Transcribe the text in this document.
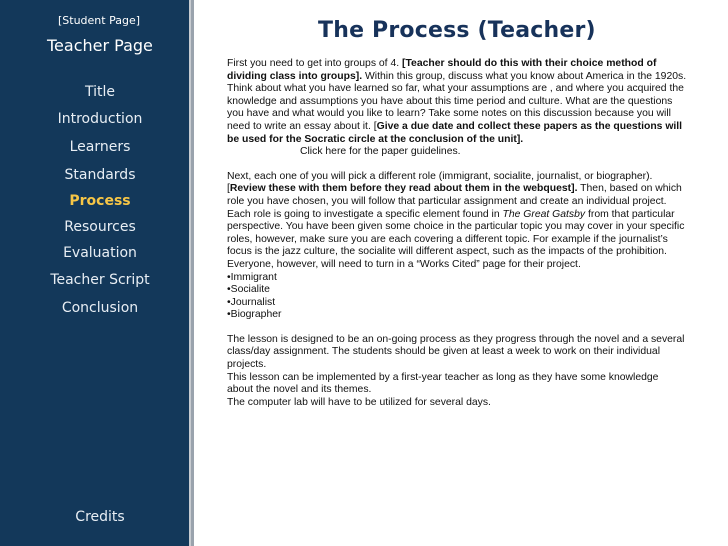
[Student Page]
Teacher Page
Title
Introduction
Learners
Standards
Process
Resources
Evaluation
Teacher Script
Conclusion
Credits
The Process (Teacher)

First you need to get into groups of 4. [Teacher should do this with their choice method of dividing class into groups]. Within this group, discuss what you know about America in the 1920s. Think about what you have learned so far, what your assumptions are , and where you acquired the knowledge and assumptions you have about this time period and culture. What are the questions you have and what would you like to learn? Take some notes on this discussion because you will need to write an essay about it. [Give a due date and collect these papers as the questions will be used for the Socratic circle at the conclusion of the unit].

Click here for the paper guidelines.

Next, each one of you will pick a different role (immigrant, socialite, journalist, or biographer). [Review these with them before they read about them in the webquest]. Then, based on which role you have chosen, you will follow that particular assignment and create an individual project. Each role is going to investigate a specific element found in The Great Gatsby from that particular perspective. You have been given some choice in the particular topic you may cover in your specific roles, however, make sure you are each covering a different topic. For example if the journalist’s focus is the jazz culture, the socialite will different aspect, such as the impacts of the prohibition. Everyone, however, will need to turn in a “Works Cited” page for their project.

•Immigrant

•Socialite

•Journalist

•Biographer

The lesson is designed to be an on-going process as they progress through the novel and a several class/day assignment. The students should be given at least a week to work on their individual projects.

This lesson can be implemented by a first-year teacher as long as they have some knowledge about the novel and its themes.

The computer lab will have to be utilized for several days.
